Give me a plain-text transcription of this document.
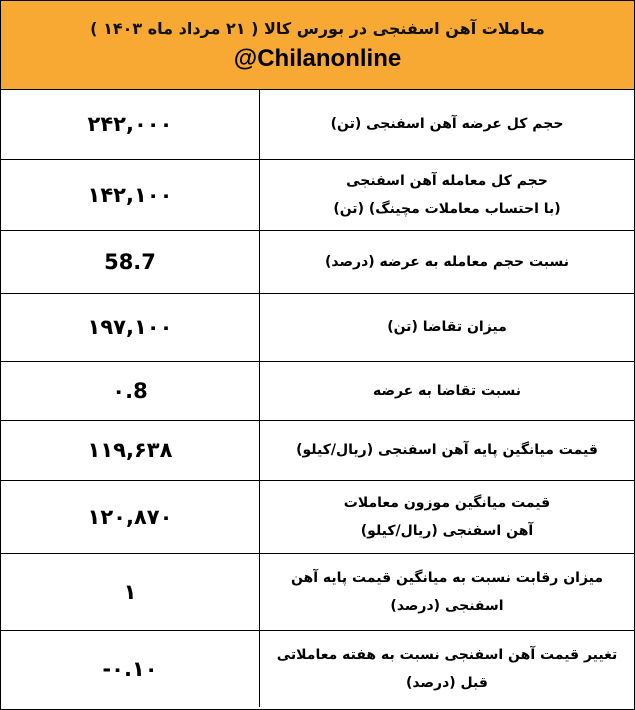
معاملات آهن اسفنجی در بورس کالا ( ۲۱ مرداد ماه ۱۴۰۳ )
@Chilanonline
۲۴۲,۰۰۰	حجم کل عرضه آهن اسفنجی (تن)

۱۴۲,۱۰۰	حجم کل معامله آهن اسفنجی
(با احتساب معاملات مچینگ) (تن)

58.7	نسبت حجم معامله به عرضه (درصد)

۱۹۷,۱۰۰	میزان تقاضا (تن)

۰.8	نسبت تقاضا به عرضه

۱۱۹,۶۳۸	قیمت میانگین پایه آهن اسفنجی (ریال/کیلو)

۱۲۰,۸۷۰	قیمت میانگین موزون معاملات
آهن اسفنجی (ریال/کیلو)

۱	میزان رقابت نسبت به میانگین قیمت پایه آهن
اسفنجی (درصد)

-۰.۱۰	تغییر قیمت آهن اسفنجی نسبت به هفته معاملاتی
قبل (درصد)
